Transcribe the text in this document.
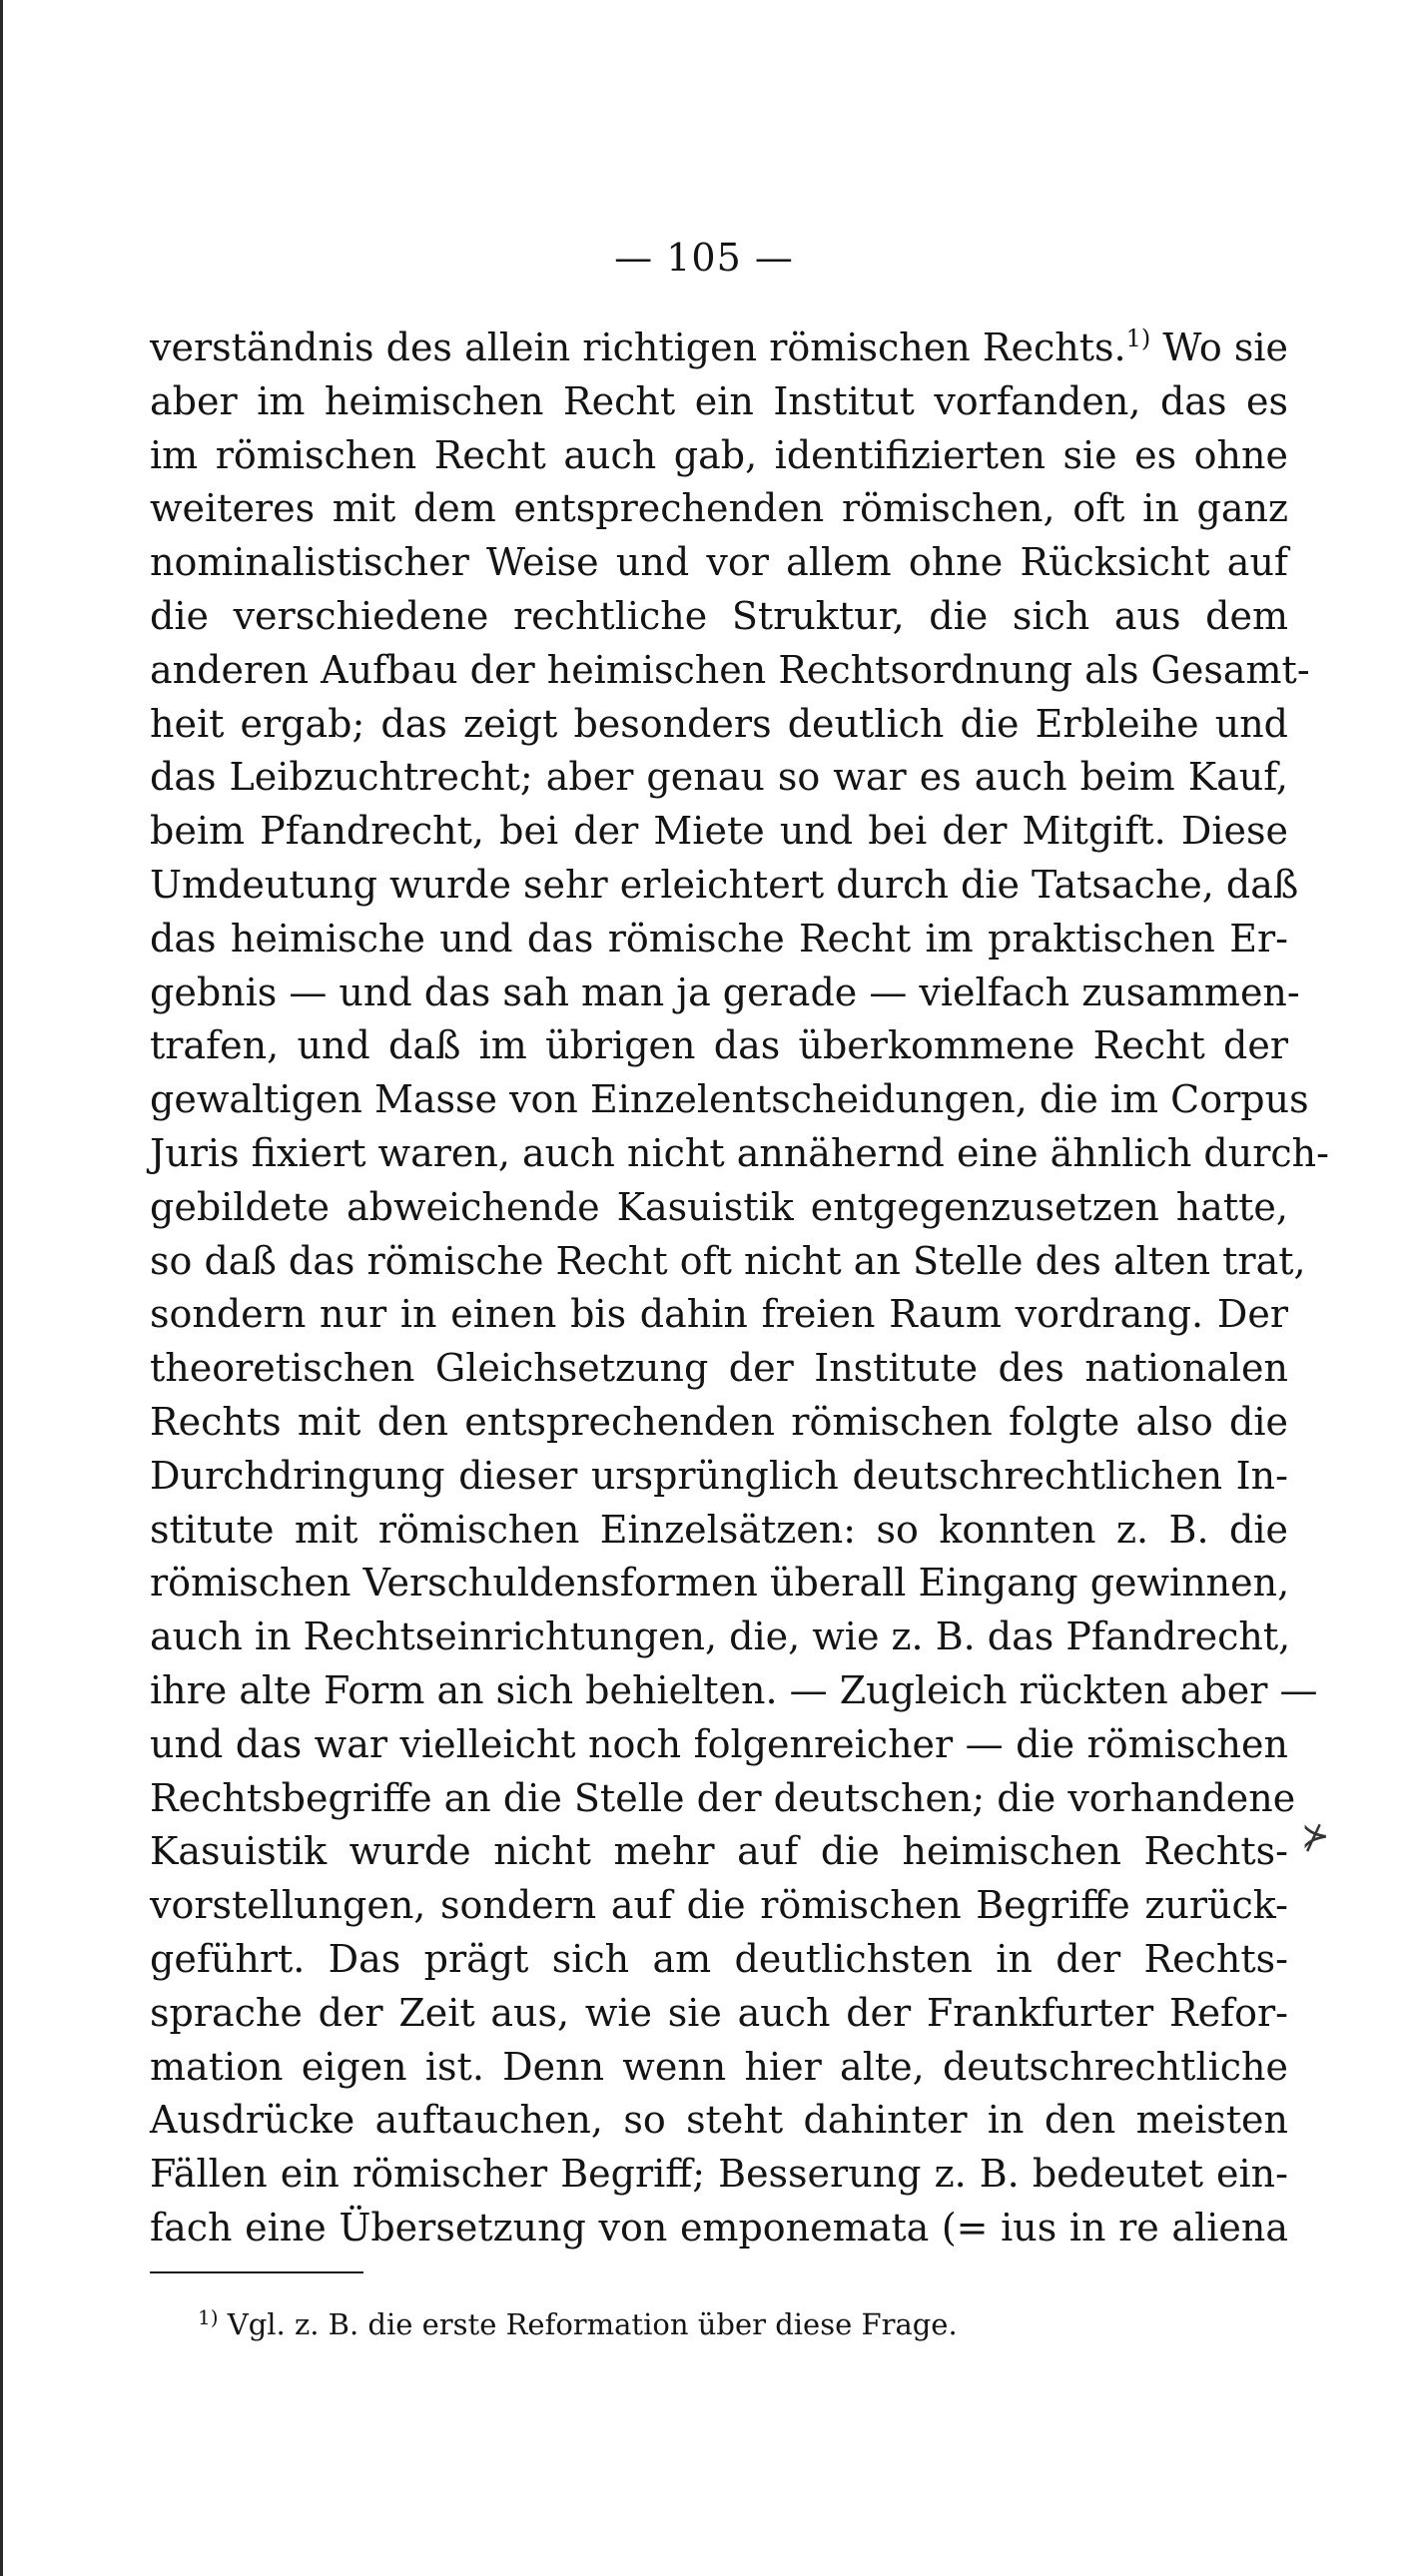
— 105 —
verständnis des allein richtigen römischen Rechts.$^{1)}$ Wo sie
aber im heimischen Recht ein Institut vorfanden, das es
im römischen Recht auch gab, identifizierten sie es ohne
weiteres mit dem entsprechenden römischen, oft in ganz
nominalistischer Weise und vor allem ohne Rücksicht auf
die verschiedene rechtliche Struktur, die sich aus dem
anderen Aufbau der heimischen Rechtsordnung als Gesamt-
heit ergab; das zeigt besonders deutlich die Erbleihe und
das Leibzuchtrecht; aber genau so war es auch beim Kauf,
beim Pfandrecht, bei der Miete und bei der Mitgift. Diese
Umdeutung wurde sehr erleichtert durch die Tatsache, daß
das heimische und das römische Recht im praktischen Er-
gebnis — und das sah man ja gerade — vielfach zusammen-
trafen, und daß im übrigen das überkommene Recht der
gewaltigen Masse von Einzelentscheidungen, die im Corpus
Juris fixiert waren, auch nicht annähernd eine ähnlich durch-
gebildete abweichende Kasuistik entgegenzusetzen hatte,
so daß das römische Recht oft nicht an Stelle des alten trat,
sondern nur in einen bis dahin freien Raum vordrang. Der
theoretischen Gleichsetzung der Institute des nationalen
Rechts mit den entsprechenden römischen folgte also die
Durchdringung dieser ursprünglich deutschrechtlichen In-
stitute mit römischen Einzelsätzen: so konnten z. B. die
römischen Verschuldensformen überall Eingang gewinnen,
auch in Rechtseinrichtungen, die, wie z. B. das Pfandrecht,
ihre alte Form an sich behielten. — Zugleich rückten aber —
und das war vielleicht noch folgenreicher — die römischen
Rechtsbegriffe an die Stelle der deutschen; die vorhandene
Kasuistik wurde nicht mehr auf die heimischen Rechts-
vorstellungen, sondern auf die römischen Begriffe zurück-
geführt. Das prägt sich am deutlichsten in der Rechts-
sprache der Zeit aus, wie sie auch der Frankfurter Refor-
mation eigen ist. Denn wenn hier alte, deutschrechtliche
Ausdrücke auftauchen, so steht dahinter in den meisten
Fällen ein römischer Begriff; Besserung z. B. bedeutet ein-
fach eine Übersetzung von emponemata (= ius in re aliena
⊁
$^{1)}$ Vgl. z. B. die erste Reformation über diese Frage.
